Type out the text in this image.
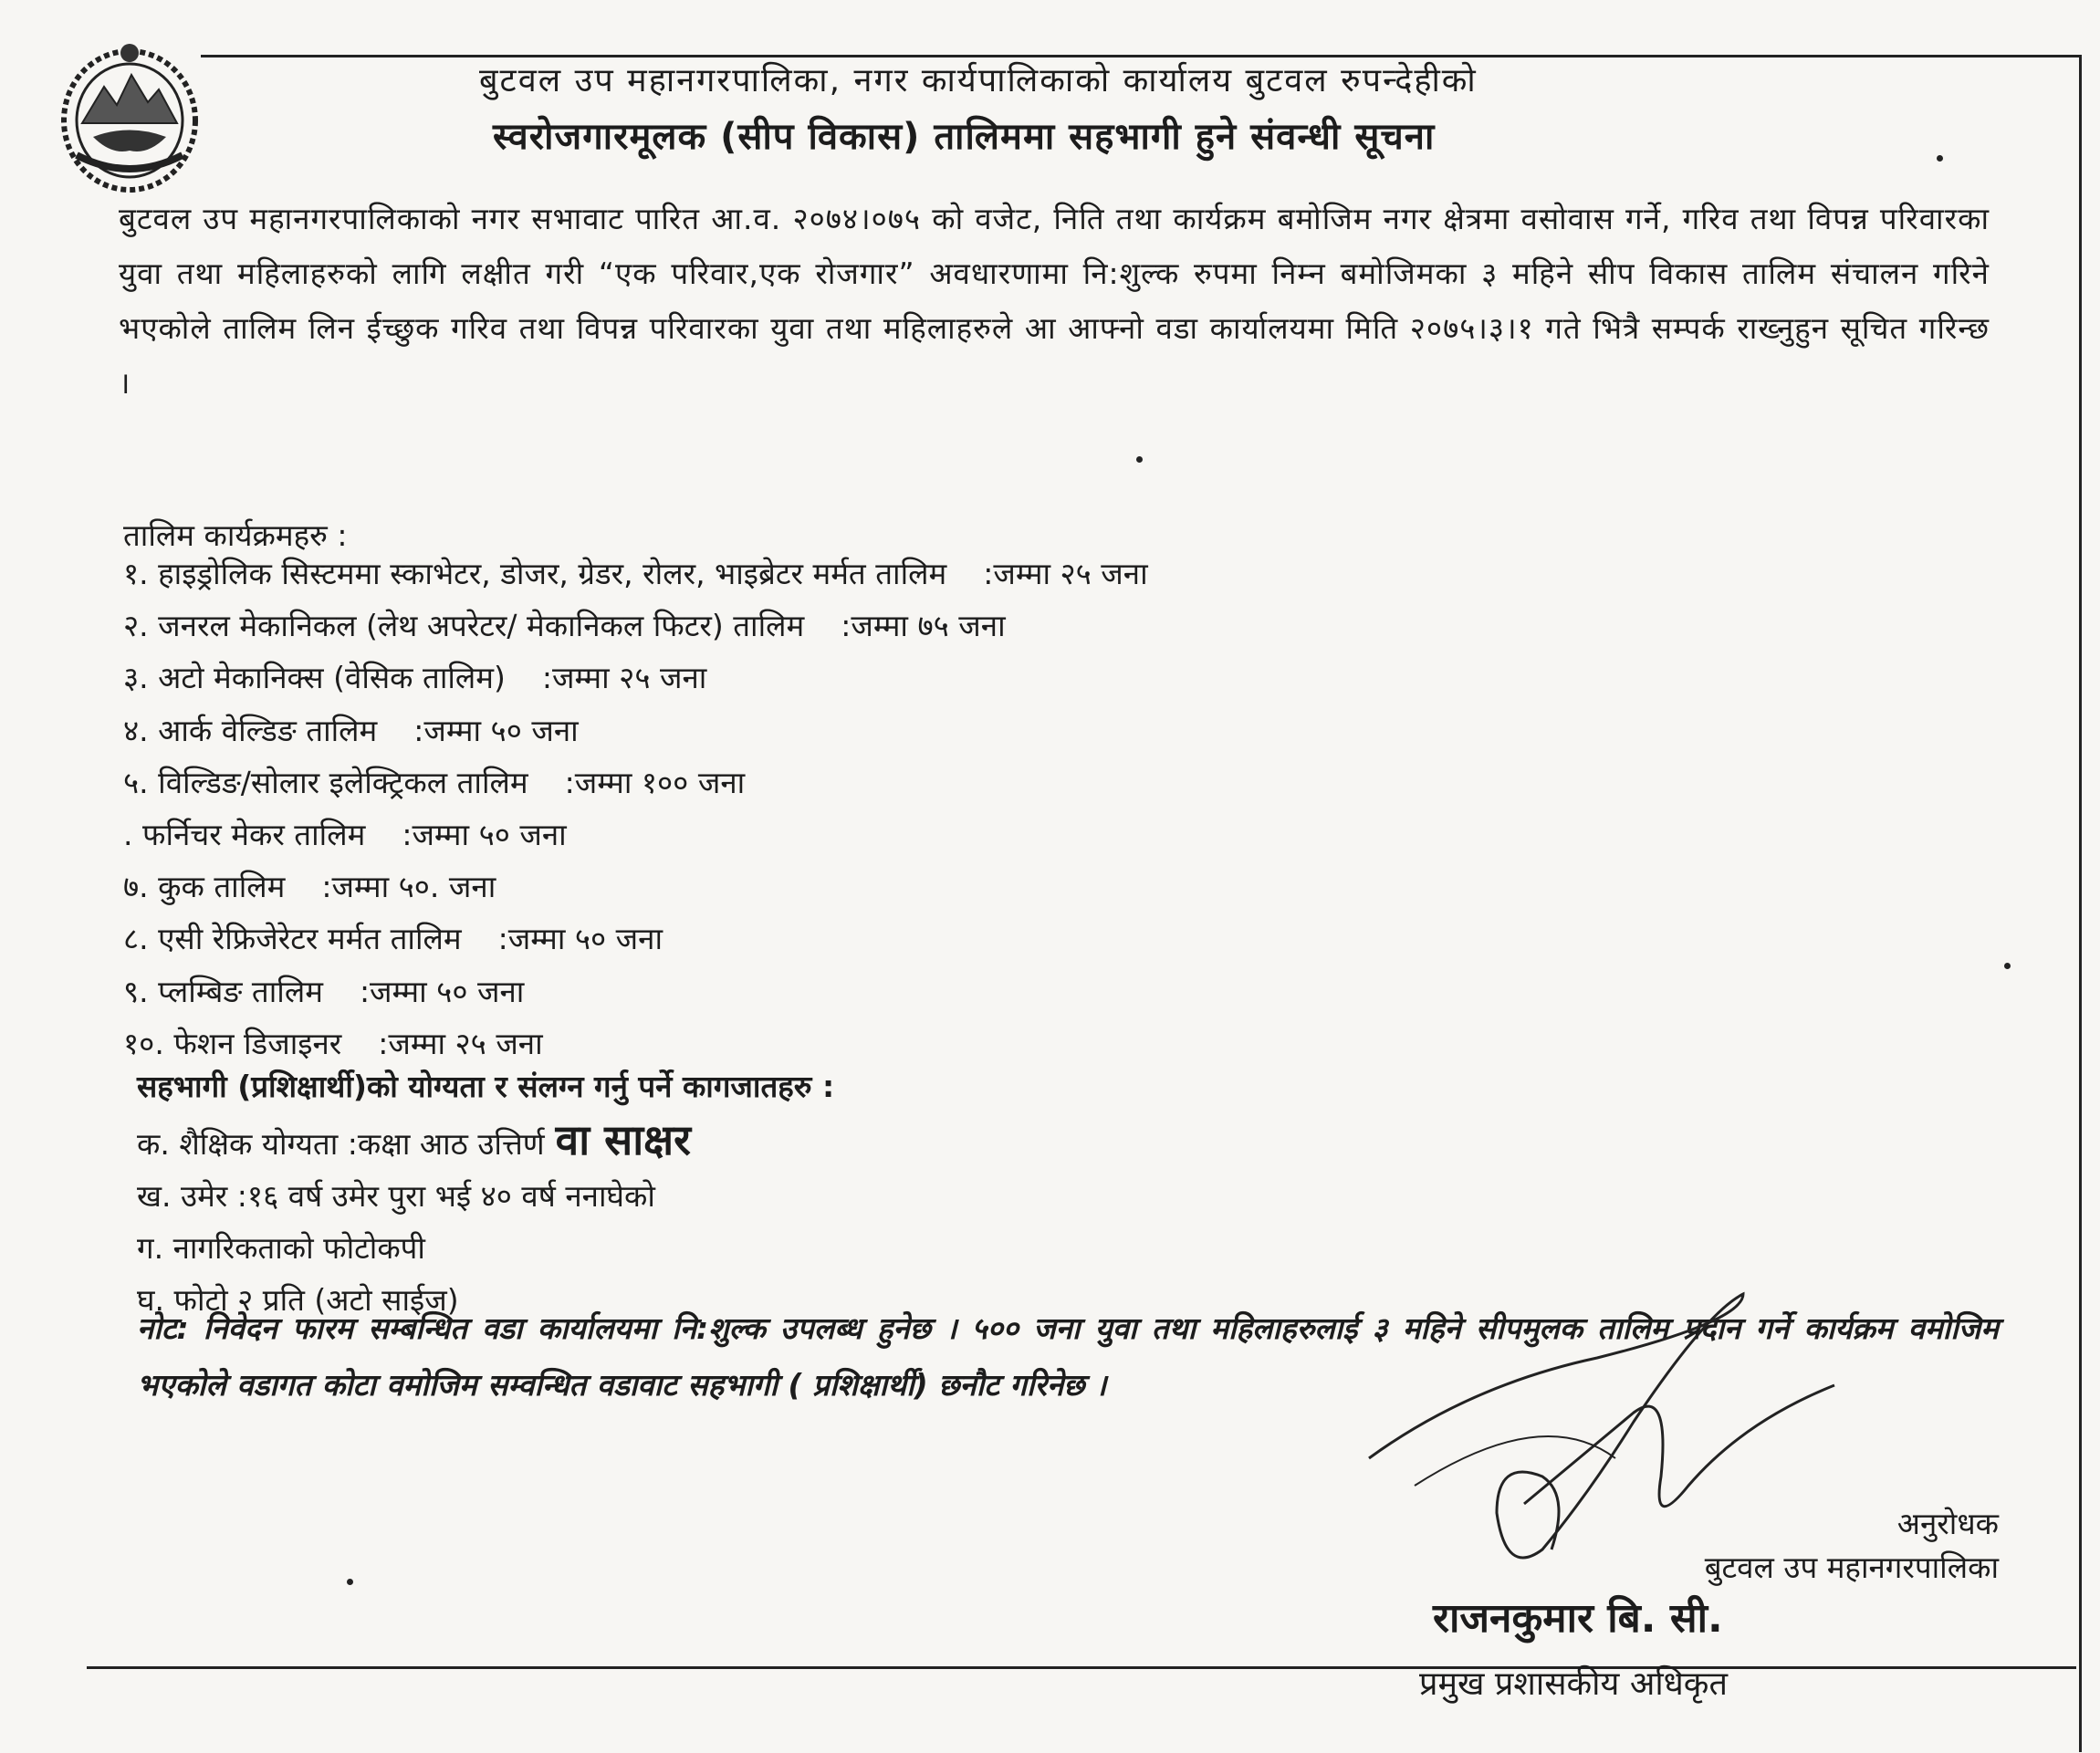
बुटवल उप महानगरपालिका, नगर कार्यपालिकाको कार्यालय बुटवल रुपन्देहीको
स्वरोजगारमूलक (सीप विकास) तालिममा सहभागी हुने संवन्धी सूचना
बुटवल उप महानगरपालिकाको नगर सभावाट पारित आ.व. २०७४।०७५ को वजेट, निति तथा कार्यक्रम बमोजिम नगर क्षेत्रमा वसोवास गर्ने, गरिव तथा विपन्न परिवारका युवा तथा महिलाहरुको लागि लक्षीत गरी “एक परिवार,एक रोजगार” अवधारणामा नि:शुल्क रुपमा निम्न बमोजिमका ३ महिने सीप विकास तालिम संचालन गरिने भएकोले तालिम लिन ईच्छुक गरिव तथा विपन्न परिवारका युवा तथा महिलाहरुले आ आफ्नो वडा कार्यालयमा मिति २०७५।३।१ गते भित्रै सम्पर्क राख्नुहुन सूचित गरिन्छ ।
तालिम कार्यक्रमहरु :
१. हाइड्रोलिक सिस्टममा स्काभेटर, डोजर, ग्रेडर, रोलर, भाइब्रेटर मर्मत तालिम :जम्मा २५ जना
२. जनरल मेकानिकल (लेथ अपरेटर/ मेकानिकल फिटर) तालिम :जम्मा ७५ जना
३. अटो मेकानिक्स (वेसिक तालिम) :जम्मा २५ जना
४. आर्क वेल्डिङ तालिम :जम्मा ५० जना
५. विल्डिङ/सोलार इलेक्ट्रिकल तालिम :जम्मा १०० जना
. फर्निचर मेकर तालिम :जम्मा ५० जना
७. कुक तालिम :जम्मा ५०. जना
८. एसी रेफ्रिजेरेटर मर्मत तालिम :जम्मा ५० जना
९. प्लम्बिङ तालिम :जम्मा ५० जना
१०. फेशन डिजाइनर :जम्मा २५ जना
सहभागी (प्रशिक्षार्थी)को योग्यता र संलग्न गर्नु पर्ने कागजातहरु :
क. शैक्षिक योग्यता :कक्षा आठ उत्तिर्ण वा साक्षर
ख. उमेर :१६ वर्ष उमेर पुरा भई ४० वर्ष ननाघेको
ग. नागरिकताको फोटोकपी
घ. फोटो २ प्रति (अटो साईज)
नोट: निवेदन फारम सम्बन्धित वडा कार्यालयमा नि:शुल्क उपलब्ध हुनेछ । ५०० जना युवा तथा महिलाहरुलाई ३ महिने सीपमुलक तालिम प्रदान गर्ने कार्यक्रम वमोजिम भएकोले वडागत कोटा वमोजिम सम्वन्धित वडावाट सहभागी ( प्रशिक्षार्थी) छनौट गरिनेछ ।
अनुरोधक
बुटवल उप महानगरपालिका
राजनकुमार बि. सी.
प्रमुख प्रशासकीय अधिकृत
